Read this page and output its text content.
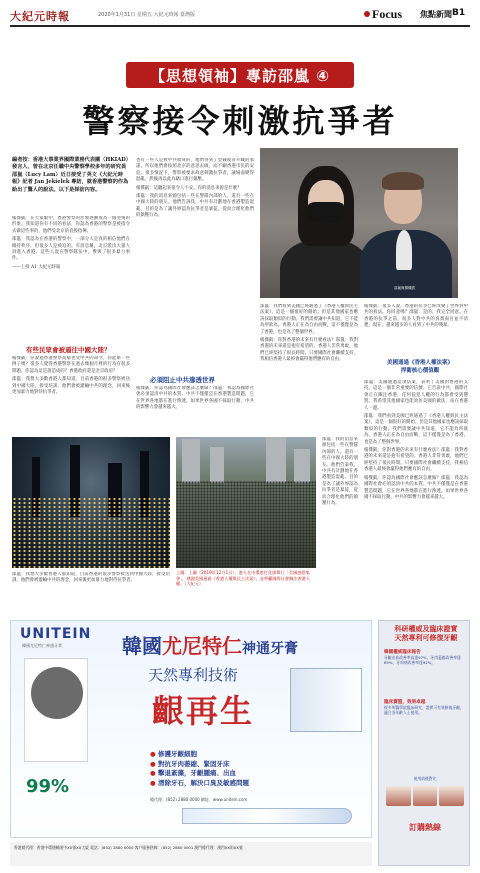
大紀元時報	2020年1月31日 星期五 大紀元時報 臺灣版	Focus 焦點新聞 B1
【思想領袖】專訪邵嵐 ④
警察接令刺激抗爭者
編者按：香港大事業界國際業務代表團（HKIAD）發言人、曾在北京任職中央警察學校多年的研究員邵嵐（Lucy Lam）近日接受了英文《大紀元時報》記者 Jan Jekielek 專訪，就香港警察的作為給出了驚人的說法。以下是採訪內容。

楊傑凱：在大家眼中，香港警察的形象逐漸成為一個兇殘的形象。我知道你有不同的看法，你認為香港的警察是被指令去做這些事的，他們受北京的直接指揮。

邵嵐：我認為在香港的警察中，一部分人是真的相信他們在維持秩序，但很多人是被迫的。有消息稱，北京派出大量人員進入香港。這些人混在警察隊伍中，參與了很多暴力事件。

——上接 A1 大紀元時報

有些民眾會被逼往中國大陸？

楊傑凱：你說過香港警察高層也受中共的命令，你能舉一些例子嗎？很多人覺得香港警察在過去幾個月裡的行為有很多問題。你認為這是誰造成的？香港政府還是北京政府？

邵嵐：我想大多數香港人都知道，目前香港的很多警察被送到中國大陸，接受培訓。他們會被灌輸中共的理念，回來後更加暴力地對待抗爭者。

也有一些人是被中共收買的，他們得到了金錢或者升職的承諾。所以他們會按照北京的意思去做，而不顧香港市民的安危。很多情況下，警察被要求故意刺激抗爭者，讓場面變得混亂，然後再以此為藉口進行鎮壓。

楊傑凱：這聽起來很令人不安。你的消息來源是什麼？

邵嵐：我的消息來源包括一些在警隊內部的人，還有一些在中國大陸的朋友。他們告訴我，中共有計劃地在香港製造混亂，目的是為了讓外界認為抗爭者是暴徒，從而合理化他們的鎮壓行為。

必須阻止中共滲透世界

楊傑凱：你認為國際社會應該怎麼做？邵嵐：我認為國際社會必須認清中共的本質。中共不僅僅是在香港製造問題，它在世界各地都在進行滲透。如果世界各國不採取行動，中共的影響力會越來越大。

邵嵐與楊傑凱

邵嵐：我們看到美國已經通過了《香港人權與民主法案》，這是一個很好的開始。但是其他國家也應該採取類似的行動。我們需要讓中共知道，它不能為所欲為。香港人正在為自由而戰，這不僅僅是為了香港，也是為了整個世界。

楊傑凱：你對香港的未來有什麼看法？邵嵐：我對香港的未來還是抱有希望的。香港人非常勇敢，他們已經堅持了很長時間。只要國際社會繼續支持，我相信香港人最終會贏得他們應有的自由。

楊傑凱：很多人說，香港的抗爭已經改變了世界對中共的看法。你同意嗎？邵嵐：是的，我完全同意。在香港的抗爭之前，很多人對中共的真實面目並不清楚。現在，越來越多的人看到了中共的殘暴。

美國通過《香港人權法案》
捍衛核心價值觀

邵嵐：美國通過這項法案，表明了美國對香港的支持。這是一個非常重要的信號。它告訴中共，國際社會正在關注香港，任何侵犯人權的行為都會受到懲罰。我希望其他國家也能效仿美國的做法，站在香港人一邊。

邵嵐：我們看到美國已經通過了《香港人權與民主法案》，這是一個很好的開始。但是其他國家也應該採取類似的行動。我們需要讓中共知道，它不能為所欲為。香港人正在為自由而戰，這不僅僅是為了香港，也是為了整個世界。

楊傑凱：你對香港的未來有什麼看法？邵嵐：我對香港的未來還是抱有希望的。香港人非常勇敢，他們已經堅持了很長時間。只要國際社會繼續支持，我相信香港人最終會贏得他們應有的自由。

楊傑凱：你認為國際社會應該怎麼做？邵嵐：我認為國際社會必須認清中共的本質。中共不僅僅是在香港製造問題，它在世界各地都在進行滲透。如果世界各國不採取行動，中共的影響力會越來越大。

上圖：上圖（2019年12月1日），港人在中環遮打花園舉行「美國感恩集會」，感謝美國通過《香港人權與民主法案》，並呼籲國際社會關注香港人權。（大紀元）

邵嵐：我的消息來源包括一些在警隊內部的人，還有一些在中國大陸的朋友。他們告訴我，中共有計劃地在香港製造混亂，目的是為了讓外界認為抗爭者是暴徒，從而合理化他們的鎮壓行為。

邵嵐：我想大多數香港人都知道，目前香港的很多警察被送到中國大陸，接受培訓。他們會被灌輸中共的理念，回來後更加暴力地對待抗爭者。

UNITEIN
韓國尤尼特仁神通牙膏	韓國尤尼特仁神通牙膏
天然專利技術
齦再生
99%
● 修護牙齦細胞
● 對抗牙肉萎縮、緊固牙床
● 擊退紊藻，牙齦腫痛、出血
● 清除牙石，解決口臭及敏感問題
總代理：(852) 2880 0000 網址：www.unitein.com
香港總代理：香港中環德輔道中XX號XX大廈 電話：(852) 2880 0000 客戶服務熱線：(852) 2880 0001 澳門總代理：澳門XX街XX號
科研權威及臨床證實
天然專利可修復牙齦
韓國權威臨床報告
牙齦出血改善率高達97%，牙肉萎縮改善率達89%，牙周病改善率達92%。
臨床實證，效果卓越
經多所醫學院臨床研究，證實可有效修復牙齦，適合各年齡人士使用。
使用前後對比
訂購熱線
